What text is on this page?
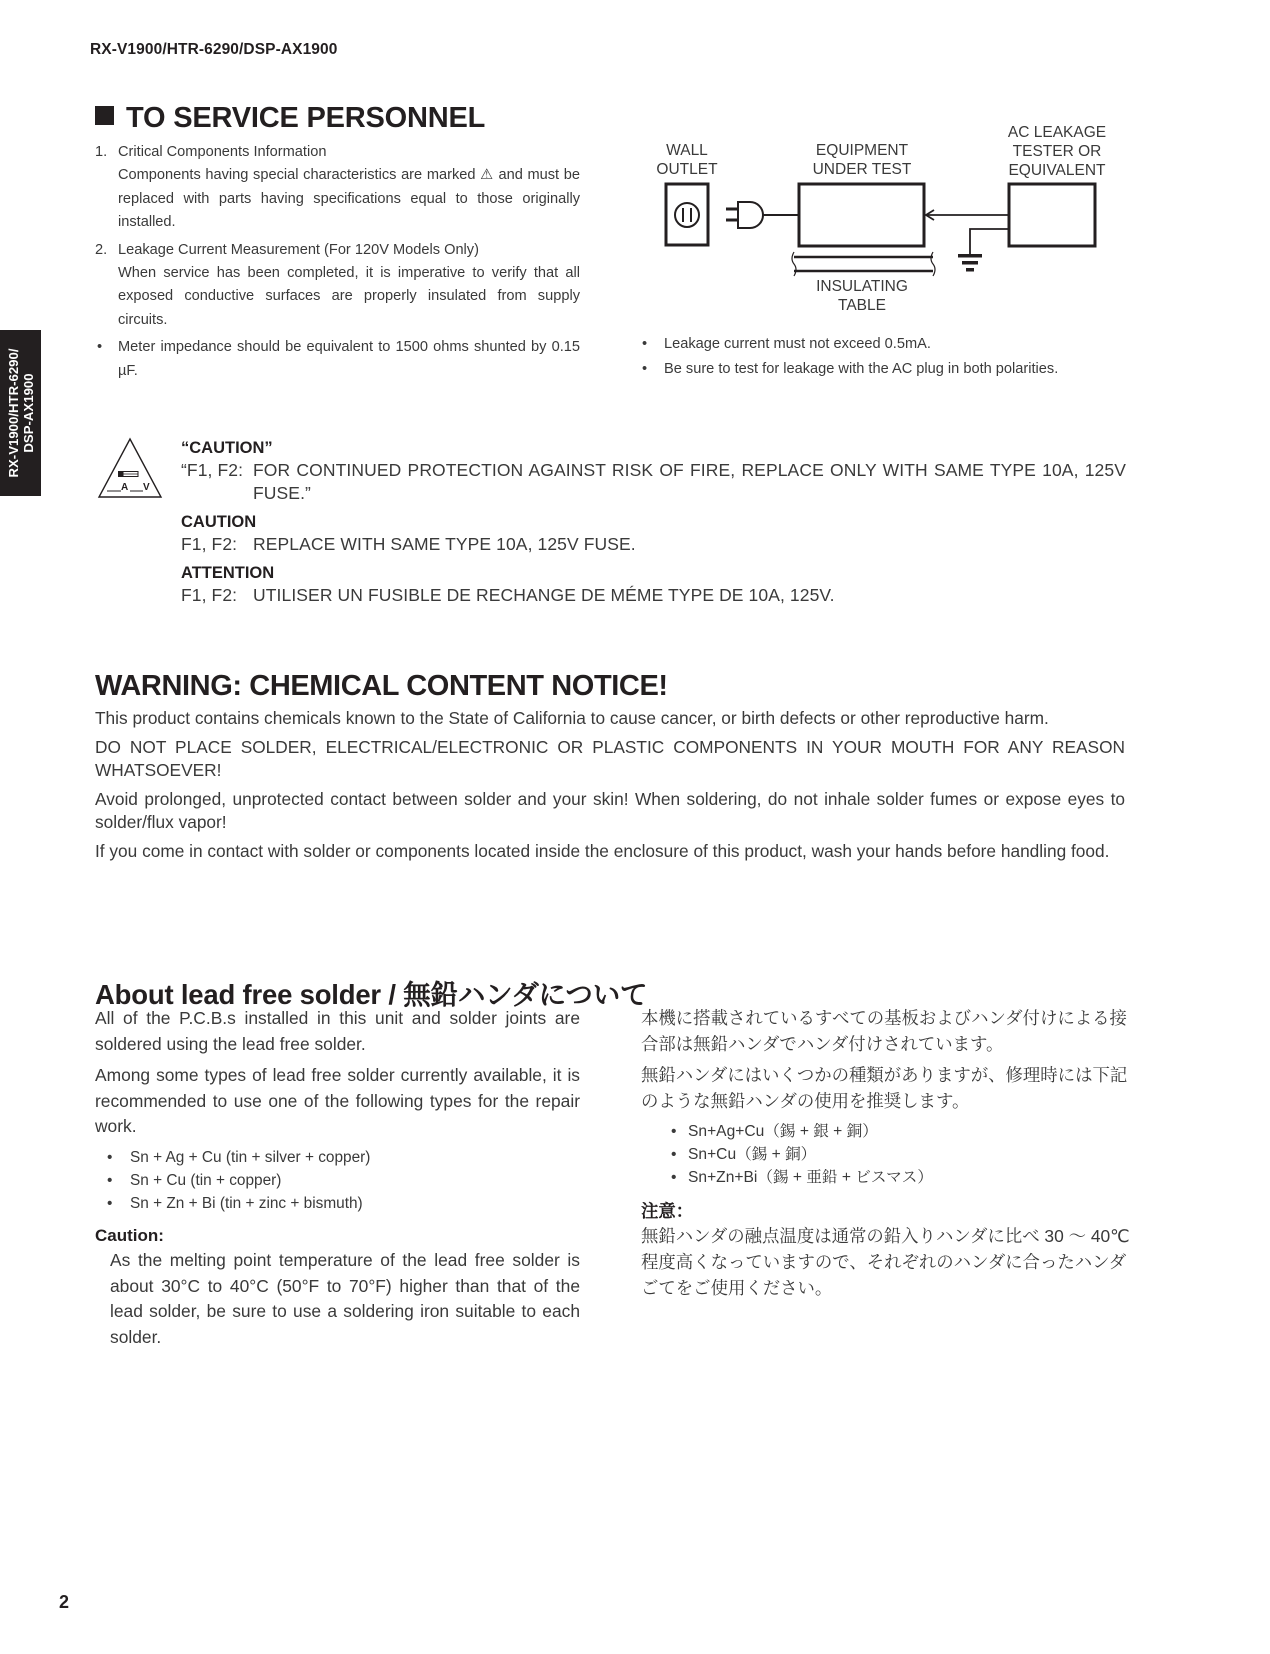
RX-V1900/HTR-6290/DSP-AX1900
RX-V1900/HTR-6290/ DSP-AX1900
TO SERVICE PERSONNEL
1. Critical Components Information

Components having special characteristics are marked ⚠ and must be replaced with parts having specifications equal to those originally installed.

2. Leakage Current Measurement (For 120V Models Only)

When service has been completed, it is imperative to verify that all exposed conductive surfaces are properly insulated from supply circuits.

• Meter impedance should be equivalent to 1500 ohms shunted by 0.15 µF.
WALL
OUTLET
EQUIPMENT
UNDER TEST
INSULATING
TABLE
AC LEAKAGE
TESTER OR
EQUIVALENT
• Leakage current must not exceed 0.5mA.
• Be sure to test for leakage with the AC plug in both polarities.
A V
“CAUTION”
“F1, F2: FOR CONTINUED PROTECTION AGAINST RISK OF FIRE, REPLACE ONLY WITH SAME TYPE 10A, 125V FUSE.”
CAUTION
F1, F2: REPLACE WITH SAME TYPE 10A, 125V FUSE.
ATTENTION
F1, F2: UTILISER UN FUSIBLE DE RECHANGE DE MÉME TYPE DE 10A, 125V.
WARNING: CHEMICAL CONTENT NOTICE!

This product contains chemicals known to the State of California to cause cancer, or birth defects or other reproductive harm.

DO NOT PLACE SOLDER, ELECTRICAL/ELECTRONIC OR PLASTIC COMPONENTS IN YOUR MOUTH FOR ANY REASON WHATSOEVER!

Avoid prolonged, unprotected contact between solder and your skin! When soldering, do not inhale solder fumes or expose eyes to solder/flux vapor!

If you come in contact with solder or components located inside the enclosure of this product, wash your hands before handling food.

About lead free solder / 無鉛ハンダについて

All of the P.C.B.s installed in this unit and solder joints are soldered using the lead free solder.

Among some types of lead free solder currently available, it is recommended to use one of the following types for the repair work.

• Sn + Ag + Cu (tin + silver + copper)
• Sn + Cu (tin + copper)
• Sn + Zn + Bi (tin + zinc + bismuth)
Caution:
As the melting point temperature of the lead free solder is about 30°C to 40°C (50°F to 70°F) higher than that of the lead solder, be sure to use a soldering iron suitable to each solder.

本機に搭載されているすべての基板およびハンダ付けによる接合部は無鉛ハンダでハンダ付けされています。

無鉛ハンダにはいくつかの種類がありますが、修理時には下記のような無鉛ハンダの使用を推奨します。

• Sn+Ag+Cu（錫 + 銀 + 銅）
• Sn+Cu（錫 + 銅）
• Sn+Zn+Bi（錫 + 亜鉛 + ビスマス）
注意：
無鉛ハンダの融点温度は通常の鉛入りハンダに比べ 30 ～ 40℃程度高くなっていますので、それぞれのハンダに合ったハンダごてをご使用ください。
2
